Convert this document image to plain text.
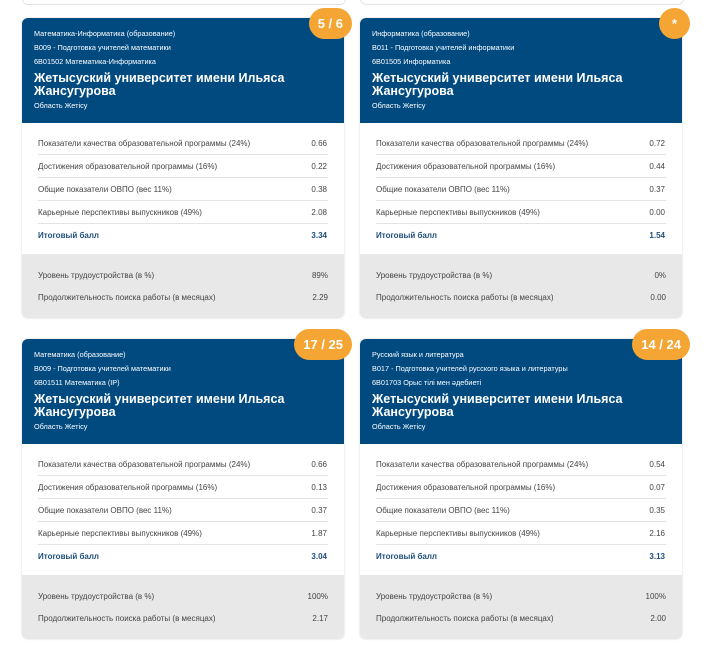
Математика-Информатика (образование)
B009 - Подготовка учителей математики
6B01502 Математика-Информатика
Жетысуский университет имени Ильяса Жансугурова
Область Жетісу
5 / 6
Показатели качества образовательной программы (24%)	0.66
Достижения образовательной программы (16%)	0.22
Общие показатели ОВПО (вес 11%)	0.38
Карьерные перспективы выпускников (49%)	2.08
Итоговый балл	3.34
Уровень трудоустройства (в %)	89%
Продолжительность поиска работы (в месяцах)	2.29
Информатика (образование)
B011 - Подготовка учителей информатики
6B01505 Информатика
Жетысуский университет имени Ильяса Жансугурова
Область Жетісу
*
Показатели качества образовательной программы (24%)	0.72
Достижения образовательной программы (16%)	0.44
Общие показатели ОВПО (вес 11%)	0.37
Карьерные перспективы выпускников (49%)	0.00
Итоговый балл	1.54
Уровень трудоустройства (в %)	0%
Продолжительность поиска работы (в месяцах)	0.00
Математика (образование)
B009 - Подготовка учителей математики
6B01511 Математика (IP)
Жетысуский университет имени Ильяса Жансугурова
Область Жетісу
17 / 25
Показатели качества образовательной программы (24%)	0.66
Достижения образовательной программы (16%)	0.13
Общие показатели ОВПО (вес 11%)	0.37
Карьерные перспективы выпускников (49%)	1.87
Итоговый балл	3.04
Уровень трудоустройства (в %)	100%
Продолжительность поиска работы (в месяцах)	2.17
Русский язык и литература
B017 - Подготовка учителей русского языка и литературы
6B01703 Орыс тілі мен әдебиеті
Жетысуский университет имени Ильяса Жансугурова
Область Жетісу
14 / 24
Показатели качества образовательной программы (24%)	0.54
Достижения образовательной программы (16%)	0.07
Общие показатели ОВПО (вес 11%)	0.35
Карьерные перспективы выпускников (49%)	2.16
Итоговый балл	3.13
Уровень трудоустройства (в %)	100%
Продолжительность поиска работы (в месяцах)	2.00
